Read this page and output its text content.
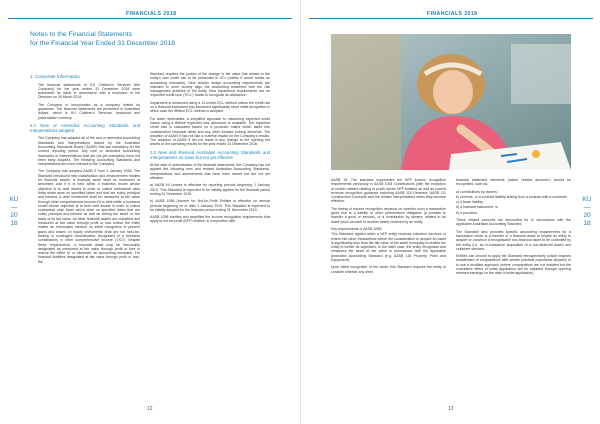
FINANCIALS 2018
Notes to the Financial Statements
for the Financial Year Ended 31 December 2018
1. Corporate Information

The financial statements of KU Children's Services (the Company) for the year ended 31 December 2018 were authorised for issue in accordance with a resolution of the Directors on 26 March 2019.

The Company is incorporated as a company limited by guarantee. The financial statements are presented in Australian dollars, which is KU Children's Services' functional and presentation currency.

2.1 New or Amended Accounting Standards and Interpretations adopted

The Company has adopted all of the new or amended Accounting Standards and Interpretations issued by the Australian Accounting Standards Board ('AASB') that are mandatory for the current reporting period. Any new or amended Accounting Standards or Interpretations that are not yet mandatory have not been early adopted. The following Accounting Standards and Interpretations are most relevant to the Company.

The Company has adopted AASB 9 from 1 January 2018. The Standard introduced new classification and measurement models for financial assets. A financial asset shall be measured at amortised cost if it is held within a business model whose objective is to hold assets in order to collect contractual cash flows which arise on specified dates and that are solely principal and interest. A debt investment shall be measured at fair value through other comprehensive income if it is held within a business model whose objective is to both hold assets in order to collect contractual cash flows which arise on specified dates that are solely principal and interest as well as selling the asset on the basis of its fair value. All other financial assets are classified and measured at fair value through profit or loss unless the entity makes an irrevocable election on initial recognition to present gains and losses on equity instruments (that are not held-for-trading or contingent consideration recognised in a business combination) in other comprehensive income ('OCI'). Despite these requirements, a financial asset may be irrevocably designated as measured at fair value through profit or loss to reduce the effect of, or eliminate, an accounting mismatch. For financial liabilities designated at fair value through profit or loss, the

Standard requires the portion of the change in fair value that relates to the entity's own credit risk to be presented in OCI (unless it would create an accounting mismatch). New simpler hedge accounting requirements are intended to more closely align the accounting treatment with the risk management activities of the entity. New impairment requirements use an 'expected credit loss' ('ECL') model to recognise an allowance.

Impairment is measured using a 12-month ECL method unless the credit risk on a financial instrument has increased significantly since initial recognition in which case the lifetime ECL method is adopted.

For trade receivables, a simplified approach to measuring expected credit losses using a lifetime expected loss allowance is available. The expected credit loss is calculated based on a provision matrix which takes into consideration historical debts and any other forward looking elements. The adoption of AASB 9 has not had a material impact on the Company's results. The adoption of AASB 9 did not result in any change to the opening net assets or the operating results for the year ended 31 December 2018.

2.2 New and Revised Australian Accounting Standards and Interpretations on issue but not yet effective

At the date of authorisation of the financial statements, the Company has not applied the following new and revised Australian Accounting Standards, Interpretations and amendments that have been issued but are not yet effective:

a) AASB 16 Leases is effective for reporting periods beginning 1 January 2019. This Standard is expected to be initially applied for the financial period ending 31 December 2019.

b) AASB 1058 (Income for Not-for-Profit Entities is effective for annual periods beginning on or after 1 January 2019. This Standard is expected to be initially adopted for the financial period ending 31 December 2019.

AASB 1058 clarifies and simplifies the income recognition requirements that apply to not-for-profit (NFP) entities, in conjunction with

KU
—
20
18
12
FINANCIALS 2018

AASB 15. The standard supersedes the NFP income recognition requirements previously in AASB 1004 Contributions (with the exception of certain matters relating to public sector NFP entities) as well as current revenue recognition guidance including AASB 118 Revenue, AASB 111 Construction Contracts and the related Interpretations when they become effective.

The timing of income recognition depends on whether such a transaction gives rise to a liability or other performance obligation (a promise to transfer a good or service), or a contribution by owners, related to an asset (such as cash or another asset) received by an entity.

Key requirements of AASB 1058:

This Standard applies when a NFP entity receives volunteer services or enters into other transactions where the consideration to acquire an asset is significantly less than the fair value of the asset principally to enable the entity to further its objectives. In the latter case, the entity recognises and measures the asset at fair value in accordance with the applicable Australian Accounting Standard (e.g. AASB 116 Property, Plant and Equipment).

Upon initial recognition of the asset, this Standard requires the entity to consider whether any other

financial statement elements (called 'related amounts') should be recognised, such as:

a) contributions by owners;

b) revenue, or a contract liability arising from a contract with a customer;

c) a lease liability;

d) a financial instrument; or

e) a provision.

These related amounts are accounted for in accordance with the applicable Australian Accounting Standard.

The Standard also provides specific accounting requirements for a transaction which is a transfer of a financial asset to enable an entity to acquire or construct a recognisable non-financial asset to be controlled by the entity (i.e. an in-substance acquisition of a non-financial asset) and volunteer services.

Entities can choose to apply the Standard retrospectively (which requires restatement of comparatives with certain practical expedients allowed) or to use a modified approach (where comparatives are not restated but the cumulative effect of initial application will be adjusted through opening retained earnings on the date of initial application).

KU
—
20
18
13
